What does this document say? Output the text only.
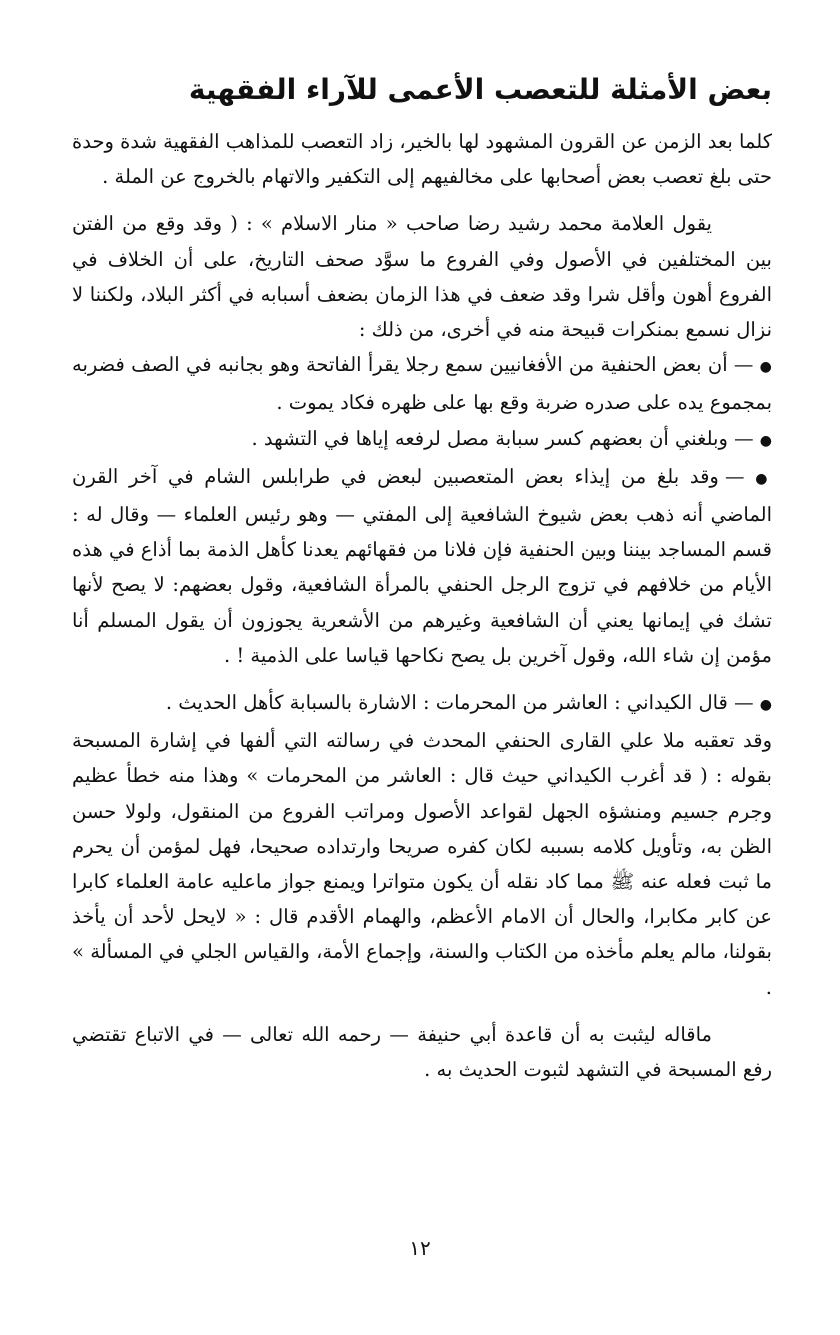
بعض الأمثلة للتعصب الأعمى للآراء الفقهية

كلما بعد الزمن عن القرون المشهود لها بالخير، زاد التعصب للمذاهب الفقهية شدة وحدة حتى بلغ تعصب بعض أصحابها على مخالفيهم إلى التكفير والاتهام بالخروج عن الملة .

يقول العلامة محمد رشيد رضا صاحب « منار الاسلام » : ( وقد وقع من الفتن بين المختلفين في الأصول وفي الفروع ما سوَّد صحف التاريخ، على أن الخلاف في الفروع أهون وأقل شرا وقد ضعف في هذا الزمان بضعف أسبابه في أكثر البلاد، ولكننا لا نزال نسمع بمنكرات قبيحة منه في أخرى، من ذلك :

● — أن بعض الحنفية من الأفغانيين سمع رجلا يقرأ الفاتحة وهو بجانبه في الصف فضربه بمجموع يده على صدره ضربة وقع بها على ظهره فكاد يموت .

● — وبلغني أن بعضهم كسر سبابة مصل لرفعه إياها في التشهد .

● — وقد بلغ من إيذاء بعض المتعصبين لبعض في طرابلس الشام في آخر القرن الماضي أنه ذهب بعض شيوخ الشافعية إلى المفتي — وهو رئيس العلماء — وقال له : قسم المساجد بيننا وبين الحنفية فإن فلانا من فقهائهم يعدنا كأهل الذمة بما أذاع في هذه الأيام من خلافهم في تزوج الرجل الحنفي بالمرأة الشافعية، وقول بعضهم: لا يصح لأنها تشك في إيمانها يعني أن الشافعية وغيرهم من الأشعرية يجوزون أن يقول المسلم أنا مؤمن إن شاء الله، وقول آخرين بل يصح نكاحها قياسا على الذمية ! .

● — قال الكيداني : العاشر من المحرمات : الاشارة بالسبابة كأهل الحديث .

وقد تعقبه ملا علي القارى الحنفي المحدث في رسالته التي ألفها في إشارة المسبحة بقوله : ( قد أغرب الكيداني حيث قال : العاشر من المحرمات » وهذا منه خطأ عظيم وجرم جسيم ومنشؤه الجهل لقواعد الأصول ومراتب الفروع من المنقول، ولولا حسن الظن به، وتأويل كلامه بسببه لكان كفره صريحا وارتداده صحيحا، فهل لمؤمن أن يحرم ما ثبت فعله عنه ﷺ مما كاد نقله أن يكون متواترا ويمنع جواز ماعليه عامة العلماء كابرا عن كابر مكابرا، والحال أن الامام الأعظم، والهمام الأقدم قال : « لايحل لأحد أن يأخذ بقولنا، مالم يعلم مأخذه من الكتاب والسنة، وإجماع الأمة، والقياس الجلي في المسألة » .

ماقاله ليثبت به أن قاعدة أبي حنيفة — رحمه الله تعالى — في الاتباع تقتضي رفع المسبحة في التشهد لثبوت الحديث به .

١٢
